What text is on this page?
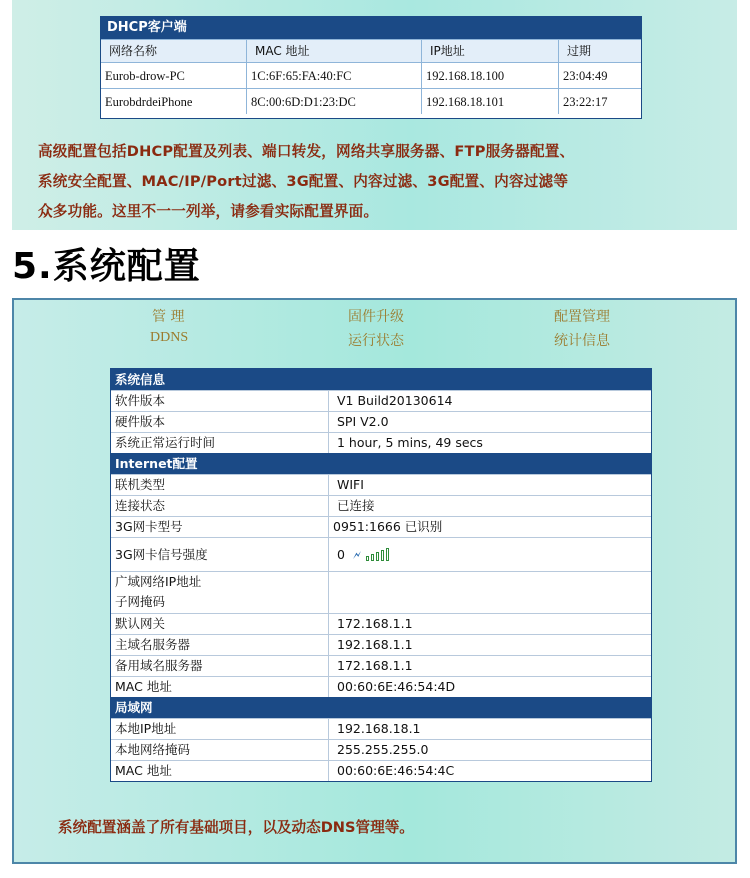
DHCP客户端
网络名称	MAC 地址	IP地址	过期
Eurob-drow-PC	1C:6F:65:FA:40:FC	192.168.18.100	23:04:49
EurobdrdeiPhone	8C:00:6D:D1:23:DC	192.168.18.101	23:22:17
高级配置包括DHCP配置及列表、端口转发，网络共享服务器、FTP服务器配置、
系统安全配置、MAC/IP/Port过滤、3G配置、内容过滤、3G配置、内容过滤等
众多功能。这里不一一列举，请参看实际配置界面。
5.系统配置
管 理	固件升级	配置管理
DDNS	运行状态	统计信息
系统信息
软件版本	V1 Build20130614
硬件版本	SPI V2.0
系统正常运行时间	1 hour, 5 mins, 49 secs
Internet配置
联机类型	WIFI
连接状态	已连接
3G网卡型号	0951:1666 已识别
3G网卡信号强度	0 🗲
广域网络IP地址
子网掩码
默认网关	172.168.1.1
主域名服务器	192.168.1.1
备用域名服务器	172.168.1.1
MAC 地址	00:60:6E:46:54:4D
局域网
本地IP地址	192.168.18.1
本地网络掩码	255.255.255.0
MAC 地址	00:60:6E:46:54:4C
系统配置涵盖了所有基础项目，以及动态DNS管理等。
